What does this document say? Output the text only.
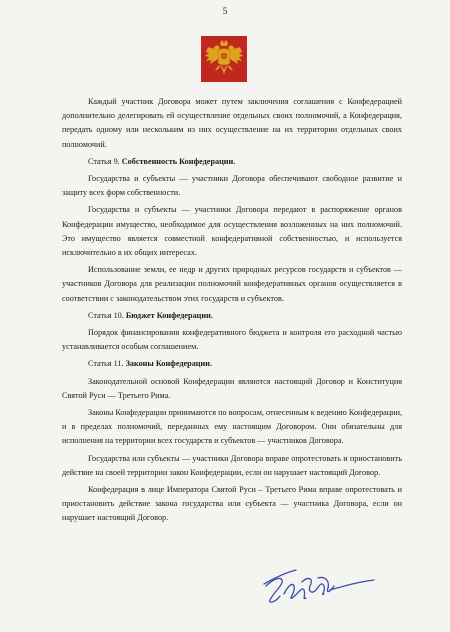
5

Каждый участник Договора может путем заключения соглашения с Конфедерацией дополнительно делегировать ей осуществление отдельных своих полномочий, а Конфедерация, передать одному или нескольким из них осуществление на их территории отдельных своих полномочий.

Статья 9. Собственность Конфедерации.

Государства и субъекты — участники Договора обеспечивают свободное развитие и защиту всех форм собственности.

Государства и субъекты — участники Договора передают в распоряжение органов Конфедерации имущество, необходимое для осуществления возложенных на них полномочий. Это имущество является совместной конфедеративной собственностью, и используется исключительно в их общих интересах.

Использование земли, ее недр и других природных ресурсов государств и субъектов — участников Договора для реализации полномочий конфедеративных органов осуществляется в соответствии с законодательством этих государств и субъектов.

Статья 10. Бюджет Конфедерации.

Порядок финансирования конфедеративного бюджета и контроля его расходной частью устанавливается особым соглашением.

Статья 11. Законы Конфедерации.

Законодательной основой Конфедерации являются настоящий Договор и Конституция Святой Руси — Третьего Рима.

Законы Конфедерации принимаются по вопросам, отнесенным к ведению Конфедерации, и в пределах полномочий, переданных ему настоящим Договором. Они обязательны для исполнения на территории всех государств и субъектов — участников Договора.

Государства или субъекты — участники Договора вправе опротестовать и приостановить действие на своей территории закон Конфедерации, если он нарушает настоящий Договор.

Конфедерация в лице Императора Святой Руси – Третьего Рима вправе опротестовать и приостановить действие закона государства или субъекта — участника Договора, если он нарушает настоящий Договор.
